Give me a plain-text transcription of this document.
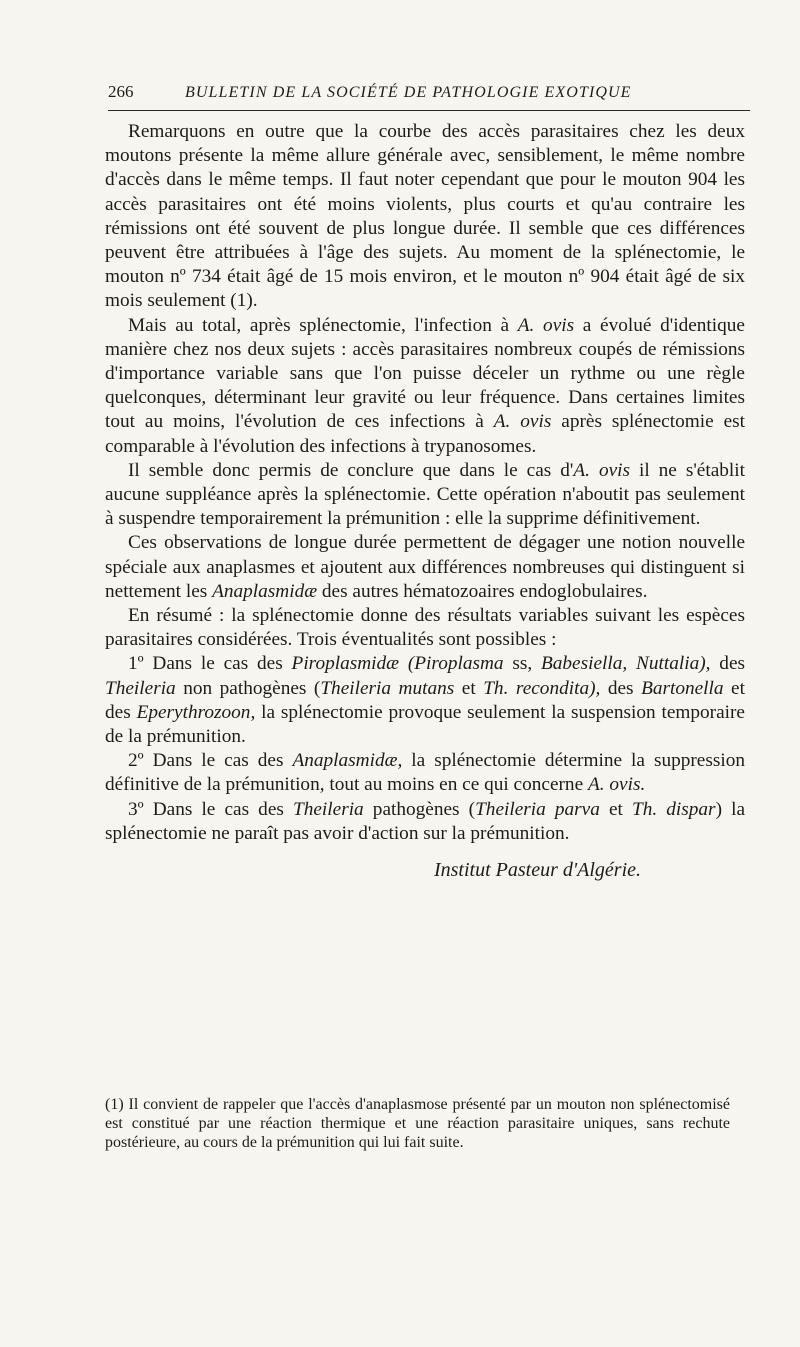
266	BULLETIN DE LA SOCIÉTÉ DE PATHOLOGIE EXOTIQUE

Remarquons en outre que la courbe des accès parasitaires chez les deux moutons présente la même allure générale avec, sensiblement, le même nombre d'accès dans le même temps. Il faut noter cependant que pour le mouton 904 les accès parasitaires ont été moins violents, plus courts et qu'au contraire les rémissions ont été souvent de plus longue durée. Il semble que ces différences peuvent être attribuées à l'âge des sujets. Au moment de la splénectomie, le mouton nº 734 était âgé de 15 mois environ, et le mouton nº 904 était âgé de six mois seulement (1).

Mais au total, après splénectomie, l'infection à A. ovis a évolué d'identique manière chez nos deux sujets : accès parasitaires nombreux coupés de rémissions d'importance variable sans que l'on puisse déceler un rythme ou une règle quelconques, déterminant leur gravité ou leur fréquence. Dans certaines limites tout au moins, l'évolution de ces infections à A. ovis après splénectomie est comparable à l'évolution des infections à trypanosomes.

Il semble donc permis de conclure que dans le cas d'A. ovis il ne s'établit aucune suppléance après la splénectomie. Cette opération n'aboutit pas seulement à suspendre temporairement la prémunition : elle la supprime définitivement.

Ces observations de longue durée permettent de dégager une notion nouvelle spéciale aux anaplasmes et ajoutent aux différences nombreuses qui distinguent si nettement les Anaplasmidæ des autres hématozoaires endoglobulaires.

En résumé : la splénectomie donne des résultats variables suivant les espèces parasitaires considérées. Trois éventualités sont possibles :

1º Dans le cas des Piroplasmidæ (Piroplasma ss, Babesiella, Nuttalia), des Theileria non pathogènes (Theileria mutans et Th. recondita), des Bartonella et des Eperythrozoon, la splénectomie provoque seulement la suspension temporaire de la prémunition.

2º Dans le cas des Anaplasmidæ, la splénectomie détermine la suppression définitive de la prémunition, tout au moins en ce qui concerne A. ovis.

3º Dans le cas des Theileria pathogènes (Theileria parva et Th. dispar) la splénectomie ne paraît pas avoir d'action sur la prémunition.

Institut Pasteur d'Algérie.

(1) Il convient de rappeler que l'accès d'anaplasmose présenté par un mouton non splénectomisé est constitué par une réaction thermique et une réaction parasitaire uniques, sans rechute postérieure, au cours de la prémunition qui lui fait suite.
